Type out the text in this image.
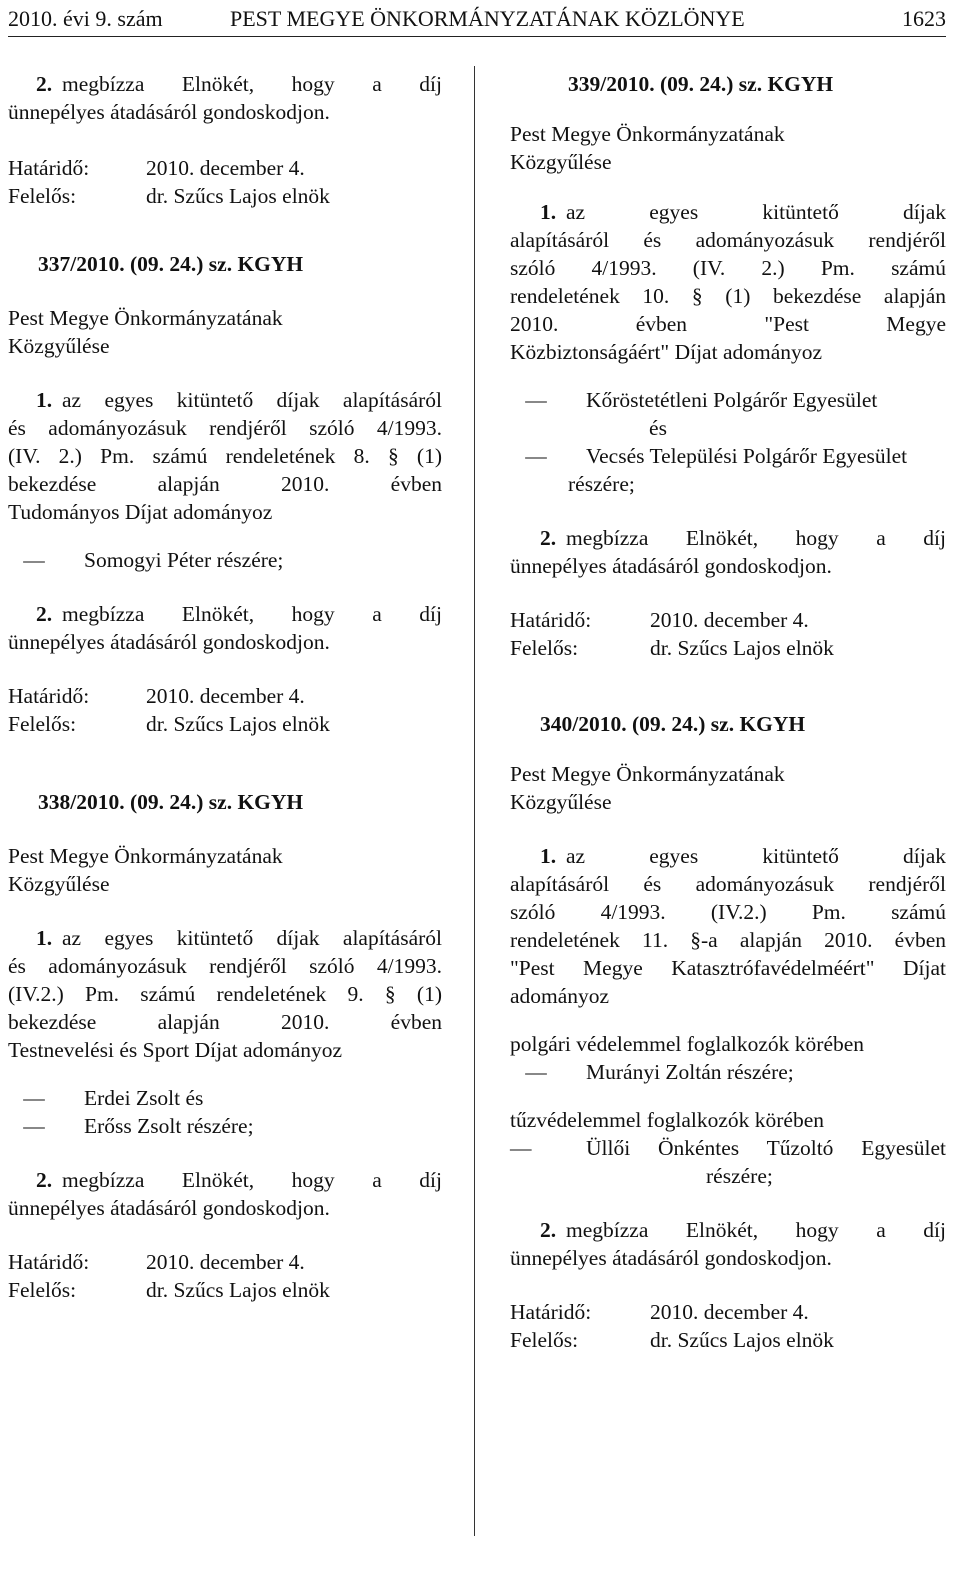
2010. évi 9. szám	PEST MEGYE ÖNKORMÁNYZATÁNAK KÖZLÖNYE	1623
2. megbízza Elnökét, hogy a díj
ünnepélyes átadásáról gondoskodjon.
Határidő:	2010. december 4.
Felelős:	dr. Szűcs Lajos elnök
337/2010. (09. 24.) sz. KGYH
Pest Megye Önkormányzatának
Közgyűlése
1. az egyes kitüntető díjak alapításáról
és adományozásuk rendjéről szóló 4/1993.
(IV. 2.) Pm. számú rendeletének 8. § (1)
bekezdése alapján 2010. évben
Tudományos Díjat adományoz
—	Somogyi Péter részére;
2. megbízza Elnökét, hogy a díj
ünnepélyes átadásáról gondoskodjon.
Határidő:	2010. december 4.
Felelős:	dr. Szűcs Lajos elnök
338/2010. (09. 24.) sz. KGYH
Pest Megye Önkormányzatának
Közgyűlése
1. az egyes kitüntető díjak alapításáról
és adományozásuk rendjéről szóló 4/1993.
(IV.2.) Pm. számú rendeletének 9. § (1)
bekezdése alapján 2010. évben
Testnevelési és Sport Díjat adományoz
—	Erdei Zsolt és
—	Erőss Zsolt részére;
2. megbízza Elnökét, hogy a díj
ünnepélyes átadásáról gondoskodjon.
Határidő:	2010. december 4.
Felelős:	dr. Szűcs Lajos elnök
339/2010. (09. 24.) sz. KGYH
Pest Megye Önkormányzatának
Közgyűlése
1. az egyes kitüntető díjak
alapításáról és adományozásuk rendjéről
szóló 4/1993. (IV. 2.) Pm. számú
rendeletének 10. § (1) bekezdése alapján
2010. évben "Pest Megye
Közbiztonságáért" Díjat adományoz
—	Kőröstetétleni Polgárőr Egyesület
és
—	Vecsés Települési Polgárőr Egyesület
részére;
2. megbízza Elnökét, hogy a díj
ünnepélyes átadásáról gondoskodjon.
Határidő:	2010. december 4.
Felelős:	dr. Szűcs Lajos elnök
340/2010. (09. 24.) sz. KGYH
Pest Megye Önkormányzatának
Közgyűlése
1. az egyes kitüntető díjak
alapításáról és adományozásuk rendjéről
szóló 4/1993. (IV.2.) Pm. számú
rendeletének 11. §-a alapján 2010. évben
"Pest Megye Katasztrófavédelméért" Díjat
adományoz
polgári védelemmel foglalkozók körében
—	Murányi Zoltán részére;
tűzvédelemmel foglalkozók körében
—	Üllői Önkéntes Tűzoltó Egyesület
részére;
2. megbízza Elnökét, hogy a díj
ünnepélyes átadásáról gondoskodjon.
Határidő:	2010. december 4.
Felelős:	dr. Szűcs Lajos elnök
